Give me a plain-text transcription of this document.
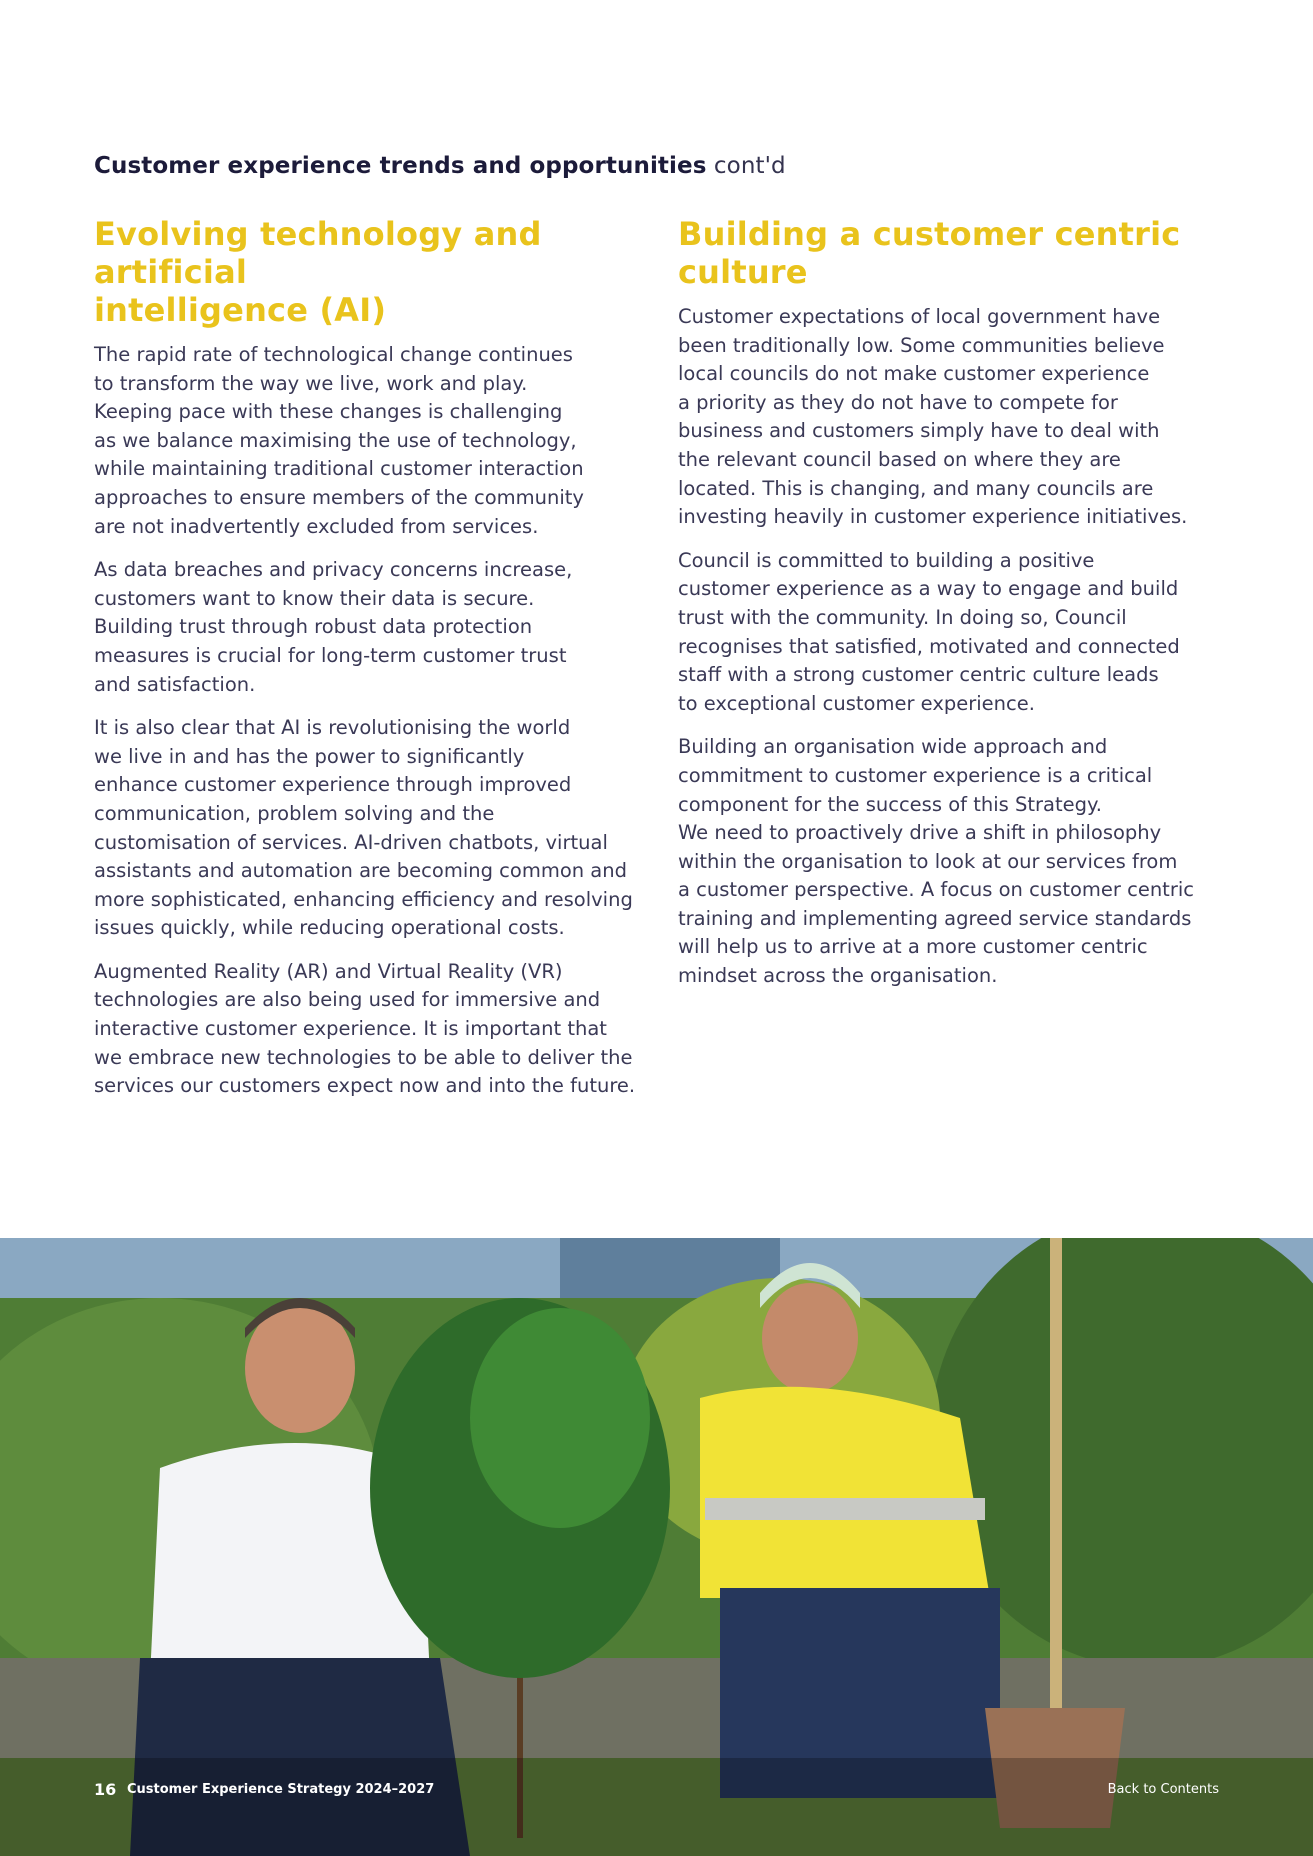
Customer experience trends and opportunities cont'd
Evolving technology and artificial
intelligence (AI)

The rapid rate of technological change continues
to transform the way we live, work and play.
Keeping pace with these changes is challenging
as we balance maximising the use of technology,
while maintaining traditional customer interaction
approaches to ensure members of the community
are not inadvertently excluded from services.

As data breaches and privacy concerns increase,
customers want to know their data is secure.
Building trust through robust data protection
measures is crucial for long-term customer trust
and satisfaction.

It is also clear that AI is revolutionising the world
we live in and has the power to significantly
enhance customer experience through improved
communication, problem solving and the
customisation of services. AI-driven chatbots, virtual
assistants and automation are becoming common and
more sophisticated, enhancing efficiency and resolving
issues quickly, while reducing operational costs.

Augmented Reality (AR) and Virtual Reality (VR)
technologies are also being used for immersive and
interactive customer experience. It is important that
we embrace new technologies to be able to deliver the
services our customers expect now and into the future.

Building a customer centric
culture

Customer expectations of local government have
been traditionally low. Some communities believe
local councils do not make customer experience
a priority as they do not have to compete for
business and customers simply have to deal with
the relevant council based on where they are
located. This is changing, and many councils are
investing heavily in customer experience initiatives.

Council is committed to building a positive
customer experience as a way to engage and build
trust with the community. In doing so, Council
recognises that satisfied, motivated and connected
staff with a strong customer centric culture leads
to exceptional customer experience.

Building an organisation wide approach and
commitment to customer experience is a critical
component for the success of this Strategy.
We need to proactively drive a shift in philosophy
within the organisation to look at our services from
a customer perspective. A focus on customer centric
training and implementing agreed service standards
will help us to arrive at a more customer centric
mindset across the organisation.

16 Customer Experience Strategy 2024–2027	Back to Contents
